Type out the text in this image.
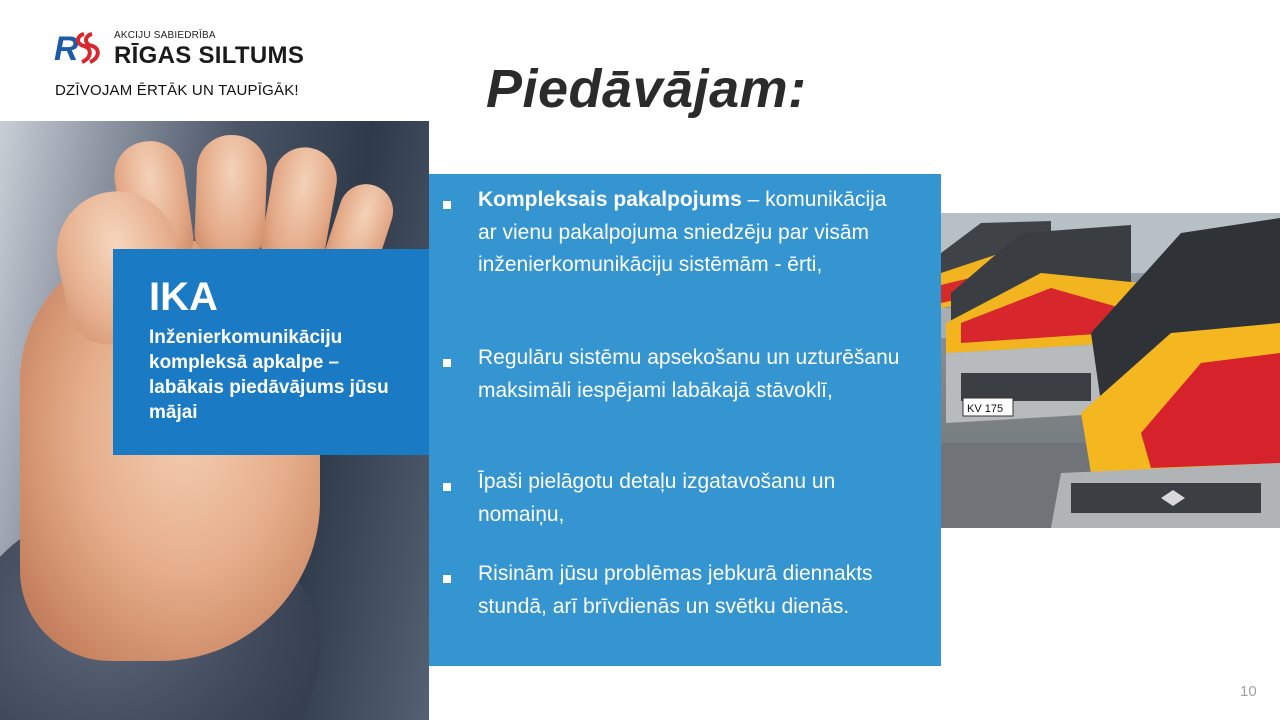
R	AKCIJU SABIEDRĪBA
RĪGAS SILTUMS
DZĪVOJAM ĒRTĀK UN TAUPĪGĀK!	Piedāvājam:
IKA
Inženierkomunikāciju kompleksā apkalpe – labākais piedāvājums jūsu mājai
Kompleksais pakalpojums – komunikācija ar vienu pakalpojuma sniedzēju par visām inženierkomunikāciju sistēmām - ērti,
Regulāru sistēmu apsekošanu un uzturēšanu maksimāli iespējami labākajā stāvoklī,
Īpaši pielāgotu detaļu izgatavošanu un nomaiņu,
Risinām jūsu problēmas jebkurā diennakts stundā, arī brīvdienās un svētku dienās.
KV 175
10
